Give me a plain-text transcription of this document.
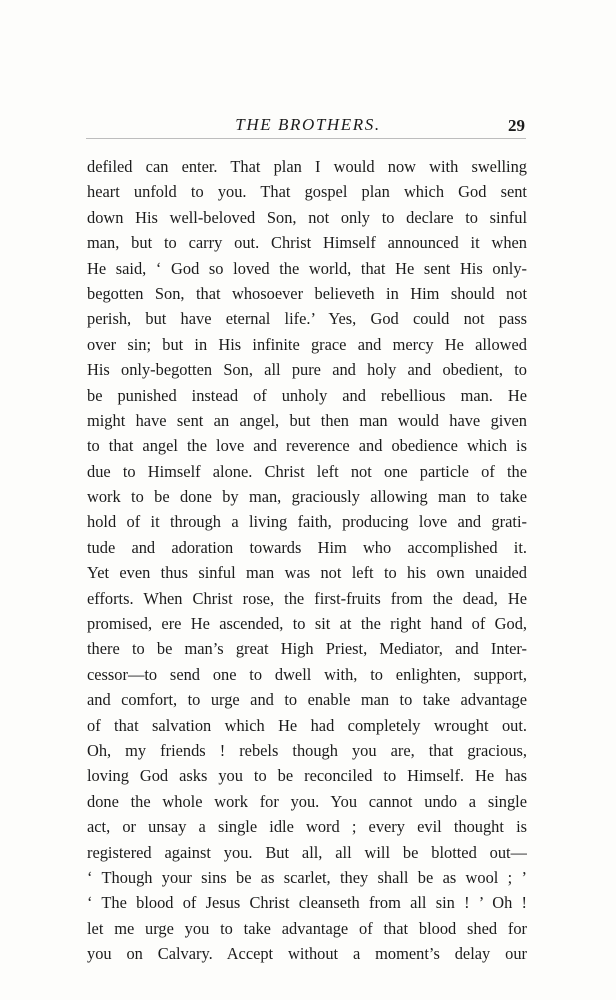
THE BROTHERS.	29
defiled can enter. That plan I would now with swelling
heart unfold to you. That gospel plan which God sent
down His well-beloved Son, not only to declare to sinful
man, but to carry out. Christ Himself announced it when
He said, ‘ God so loved the world, that He sent His only-
begotten Son, that whosoever believeth in Him should not
perish, but have eternal life.’ Yes, God could not pass
over sin; but in His infinite grace and mercy He allowed
His only-begotten Son, all pure and holy and obedient, to
be punished instead of unholy and rebellious man. He
might have sent an angel, but then man would have given
to that angel the love and reverence and obedience which is
due to Himself alone. Christ left not one particle of the
work to be done by man, graciously allowing man to take
hold of it through a living faith, producing love and grati-
tude and adoration towards Him who accomplished it.
Yet even thus sinful man was not left to his own unaided
efforts. When Christ rose, the first-fruits from the dead, He
promised, ere He ascended, to sit at the right hand of God,
there to be man’s great High Priest, Mediator, and Inter-
cessor—to send one to dwell with, to enlighten, support,
and comfort, to urge and to enable man to take advantage
of that salvation which He had completely wrought out.
Oh, my friends ! rebels though you are, that gracious,
loving God asks you to be reconciled to Himself. He has
done the whole work for you. You cannot undo a single
act, or unsay a single idle word ; every evil thought is
registered against you. But all, all will be blotted out—
‘ Though your sins be as scarlet, they shall be as wool ; ’
‘ The blood of Jesus Christ cleanseth from all sin ! ’ Oh !
let me urge you to take advantage of that blood shed for
you on Calvary. Accept without a moment’s delay our
